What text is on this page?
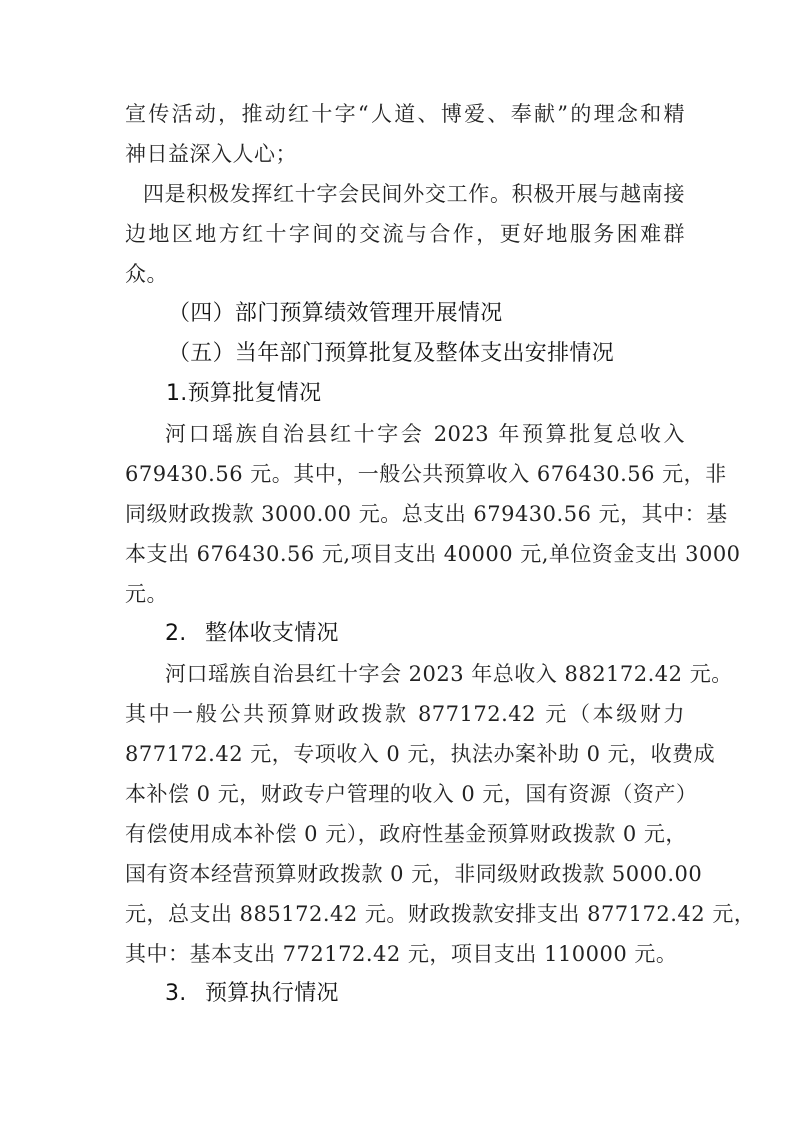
宣传活动，推动红十字“人道、博爱、奉献”的理念和精
神日益深入人心；
四是积极发挥红十字会民间外交工作。积极开展与越南接
边地区地方红十字间的交流与合作，更好地服务困难群
众。
（四）部门预算绩效管理开展情况
（五）当年部门预算批复及整体支出安排情况
1.预算批复情况
河口瑶族自治县红十字会 2023 年预算批复总收入
679430.56 元。其中，一般公共预算收入 676430.56 元，非
同级财政拨款 3000.00 元。总支出 679430.56 元，其中：基
本支出 676430.56 元,项目支出 40000 元,单位资金支出 3000
元。
2. 整体收支情况
河口瑶族自治县红十字会 2023 年总收入 882172.42 元。
其中一般公共预算财政拨款 877172.42 元（本级财力
877172.42 元，专项收入 0 元，执法办案补助 0 元，收费成
本补偿 0 元，财政专户管理的收入 0 元，国有资源（资产）
有偿使用成本补偿 0 元），政府性基金预算财政拨款 0 元，
国有资本经营预算财政拨款 0 元，非同级财政拨款 5000.00
元，总支出 885172.42 元。财政拨款安排支出 877172.42 元，
其中：基本支出 772172.42 元，项目支出 110000 元。
3. 预算执行情况
